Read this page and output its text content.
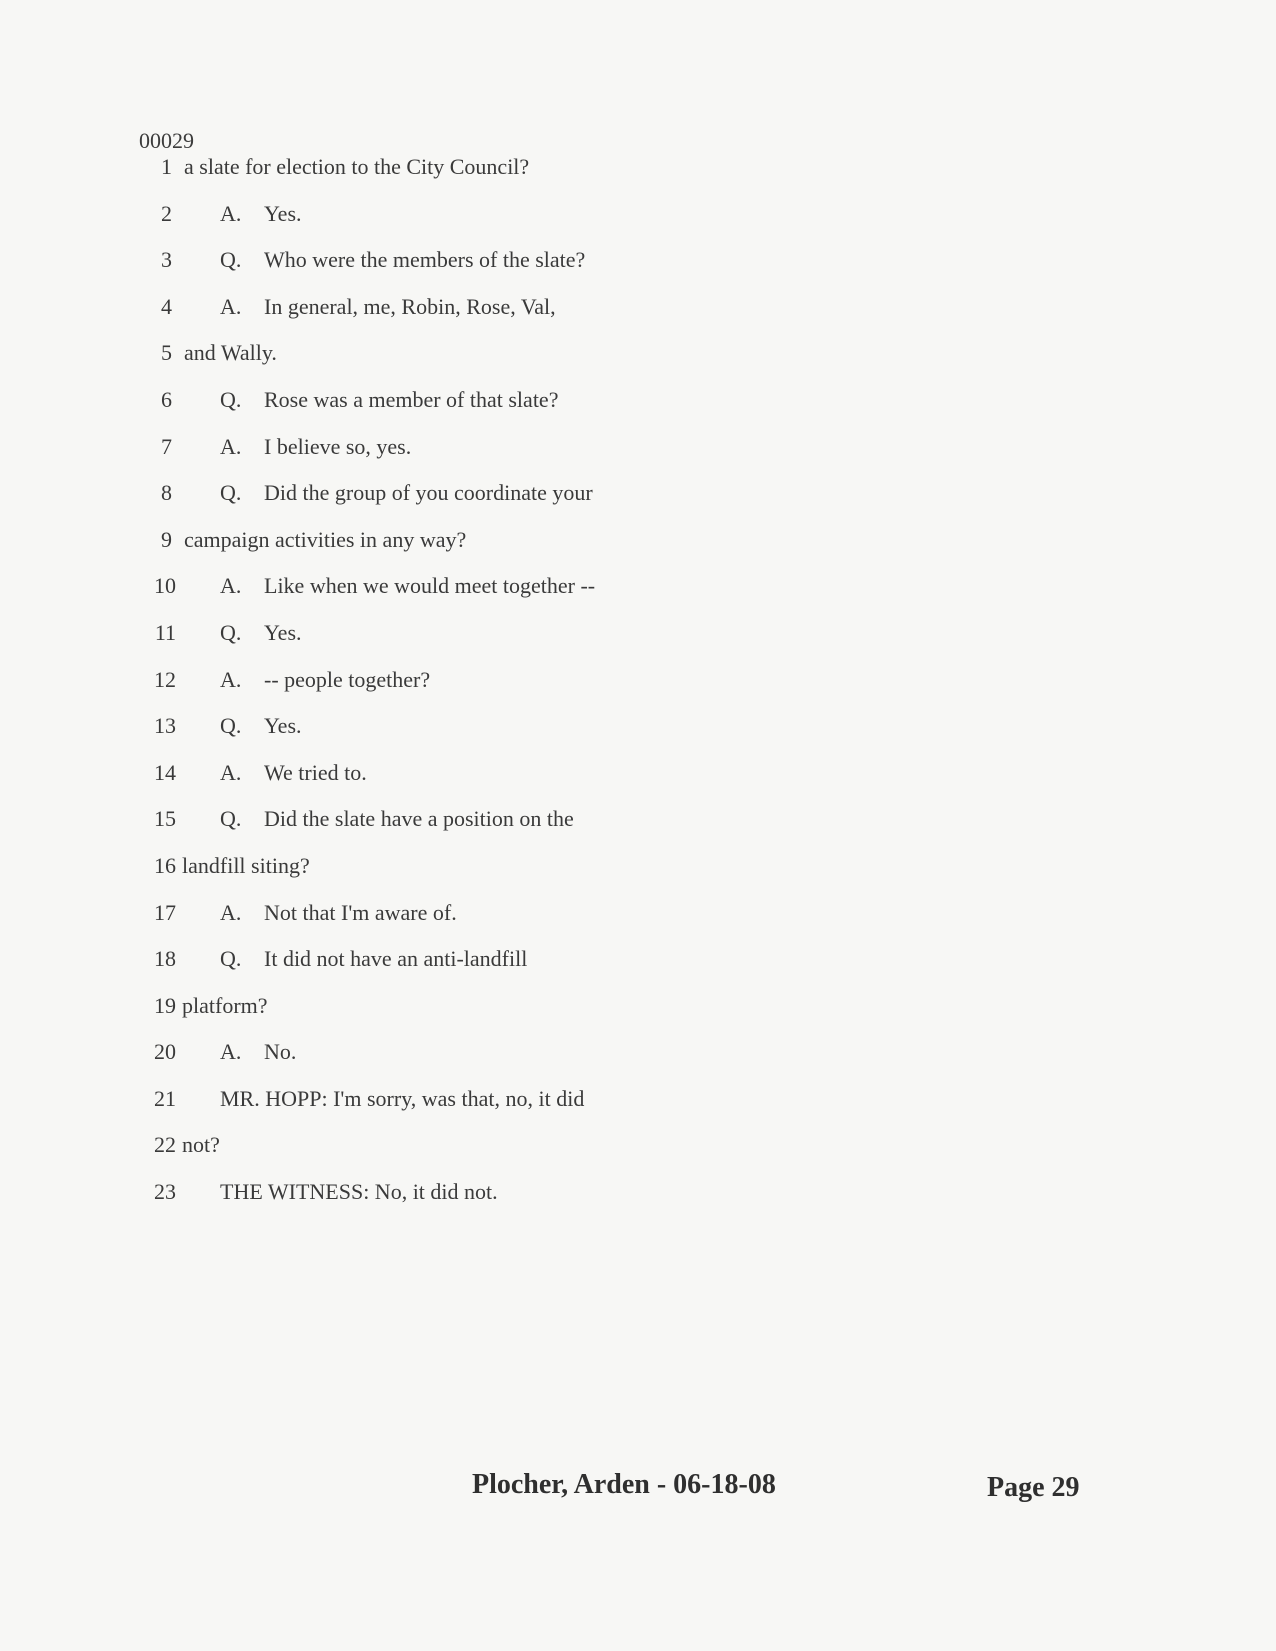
00029
1 a slate for election to the City Council?
2 A. Yes.
3 Q. Who were the members of the slate?
4 A. In general, me, Robin, Rose, Val,
5 and Wally.
6 Q. Rose was a member of that slate?
7 A. I believe so, yes.
8 Q. Did the group of you coordinate your
9 campaign activities in any way?
10 A. Like when we would meet together --
11 Q. Yes.
12 A. -- people together?
13 Q. Yes.
14 A. We tried to.
15 Q. Did the slate have a position on the
16 landfill siting?
17 A. Not that I'm aware of.
18 Q. It did not have an anti-landfill
19 platform?
20 A. No.
21 MR. HOPP: I'm sorry, was that, no, it did
22 not?
23 THE WITNESS: No, it did not.
Plocher, Arden - 06-18-08	Page 29
